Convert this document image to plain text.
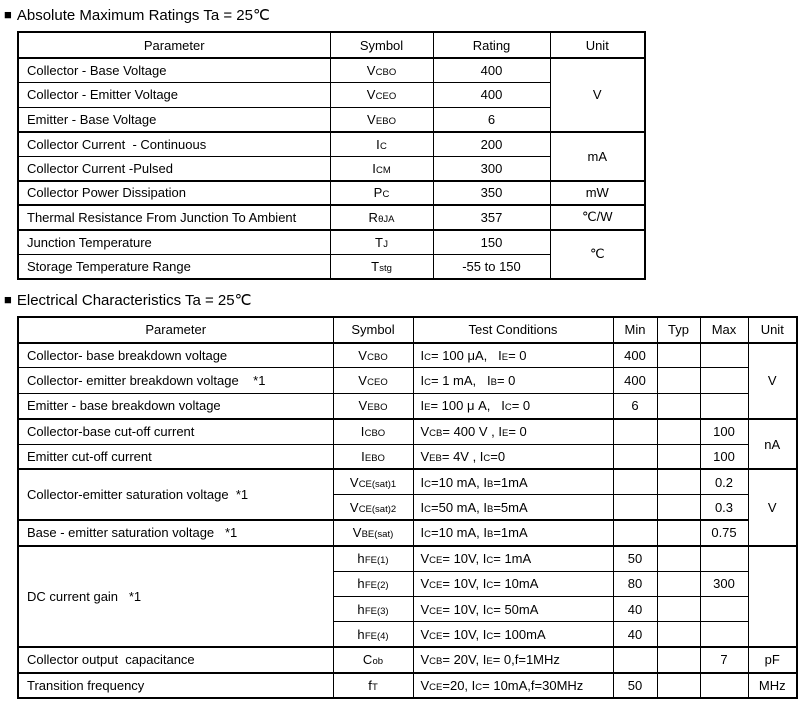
■ Absolute Maximum Ratings Ta = 25℃
Parameter	Symbol	Rating	Unit
Collector - Base Voltage	VCBO	400	V
Collector - Emitter Voltage	VCEO	400	
Emitter - Base Voltage	VEBO	6	
Collector Current  - Continuous	IC	200	mA
Collector Current -Pulsed	ICM	300	
Collector Power Dissipation	PC	350	mW
Thermal Resistance From Junction To Ambient	RθJA	357	℃/W
Junction Temperature	TJ	150	℃
Storage Temperature Range	Tstg	-55 to 150	
■ Electrical Characteristics Ta = 25℃
Parameter	Symbol	Test Conditions	Min	Typ	Max	Unit
Collector- base breakdown voltage	VCBO	IC= 100 μA,   IE= 0	400			V
Collector- emitter breakdown voltage    *1	VCEO	IC= 1 mA,   IB= 0	400			
Emitter - base breakdown voltage	VEBO	IE= 100 μ A,   IC= 0	6			
Collector-base cut-off current	ICBO	VCB= 400 V , IE= 0			100	nA
Emitter cut-off current	IEBO	VEB= 4V , IC=0			100	
Collector-emitter saturation voltage  *1	VCE(sat)1	IC=10 mA, IB=1mA			0.2	V
	VCE(sat)2	IC=50 mA, IB=5mA			0.3	
Base - emitter saturation voltage   *1	VBE(sat)	IC=10 mA, IB=1mA			0.75	
DC current gain   *1	hFE(1)	VCE= 10V, IC= 1mA	50			
	hFE(2)	VCE= 10V, IC= 10mA	80		300	
	hFE(3)	VCE= 10V, IC= 50mA	40			
	hFE(4)	VCE= 10V, IC= 100mA	40			
Collector output  capacitance	Cob	VCB= 20V, IE= 0,f=1MHz			7	pF
Transition frequency	fT	VCE=20, IC= 10mA,f=30MHz	50			MHz
